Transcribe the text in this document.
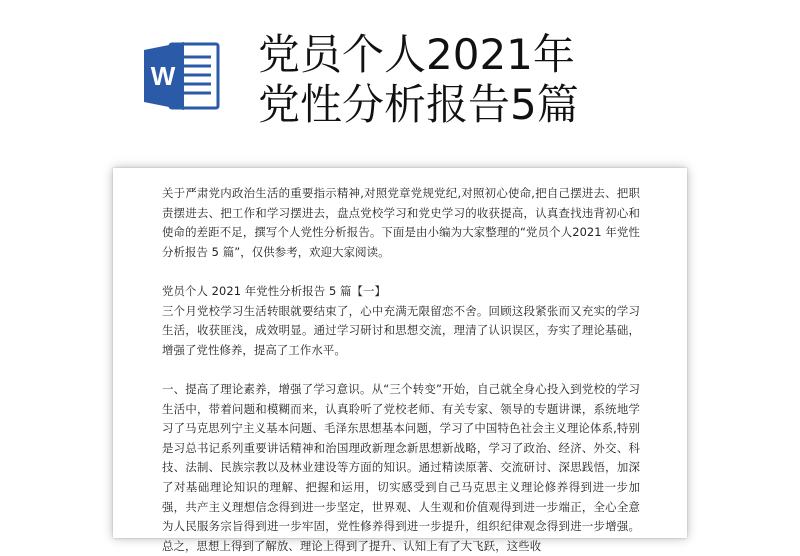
W 党员个人2021年
党性分析报告5篇

关于严肃党内政治生活的重要指示精神,对照党章党规党纪,对照初心使命,把自己摆进去、把职责摆进去、把工作和学习摆进去，盘点党校学习和党史学习的收获提高，认真查找违背初心和使命的差距不足，撰写个人党性分析报告。下面是由小编为大家整理的“党员个人2021 年党性分析报告 5 篇”，仅供参考，欢迎大家阅读。

党员个人 2021 年党性分析报告 5 篇【一】

三个月党校学习生活转眼就要结束了，心中充满无限留恋不舍。回顾这段紧张而又充实的学习生活，收获匪浅，成效明显。通过学习研讨和思想交流，理清了认识误区，夯实了理论基础，增强了党性修养，提高了工作水平。

一、提高了理论素养，增强了学习意识。从“三个转变”开始，自己就全身心投入到党校的学习生活中，带着问题和模糊而来，认真聆听了党校老师、有关专家、领导的专题讲课，系统地学习了马克思列宁主义基本问题、毛泽东思想基本问题，学习了中国特色社会主义理论体系,特别是习总书记系列重要讲话精神和治国理政新理念新思想新战略，学习了政治、经济、外交、科技、法制、民族宗教以及林业建设等方面的知识。通过精读原著、交流研讨、深思践悟，加深了对基础理论知识的理解、把握和运用，切实感受到自己马克思主义理论修养得到进一步加强，共产主义理想信念得到进一步坚定，世界观、人生观和价值观得到进一步端正，全心全意为人民服务宗旨得到进一步牢固，党性修养得到进一步提升，组织纪律观念得到进一步增强。总之，思想上得到了解放、理论上得到了提升、认知上有了大飞跃，这些收
